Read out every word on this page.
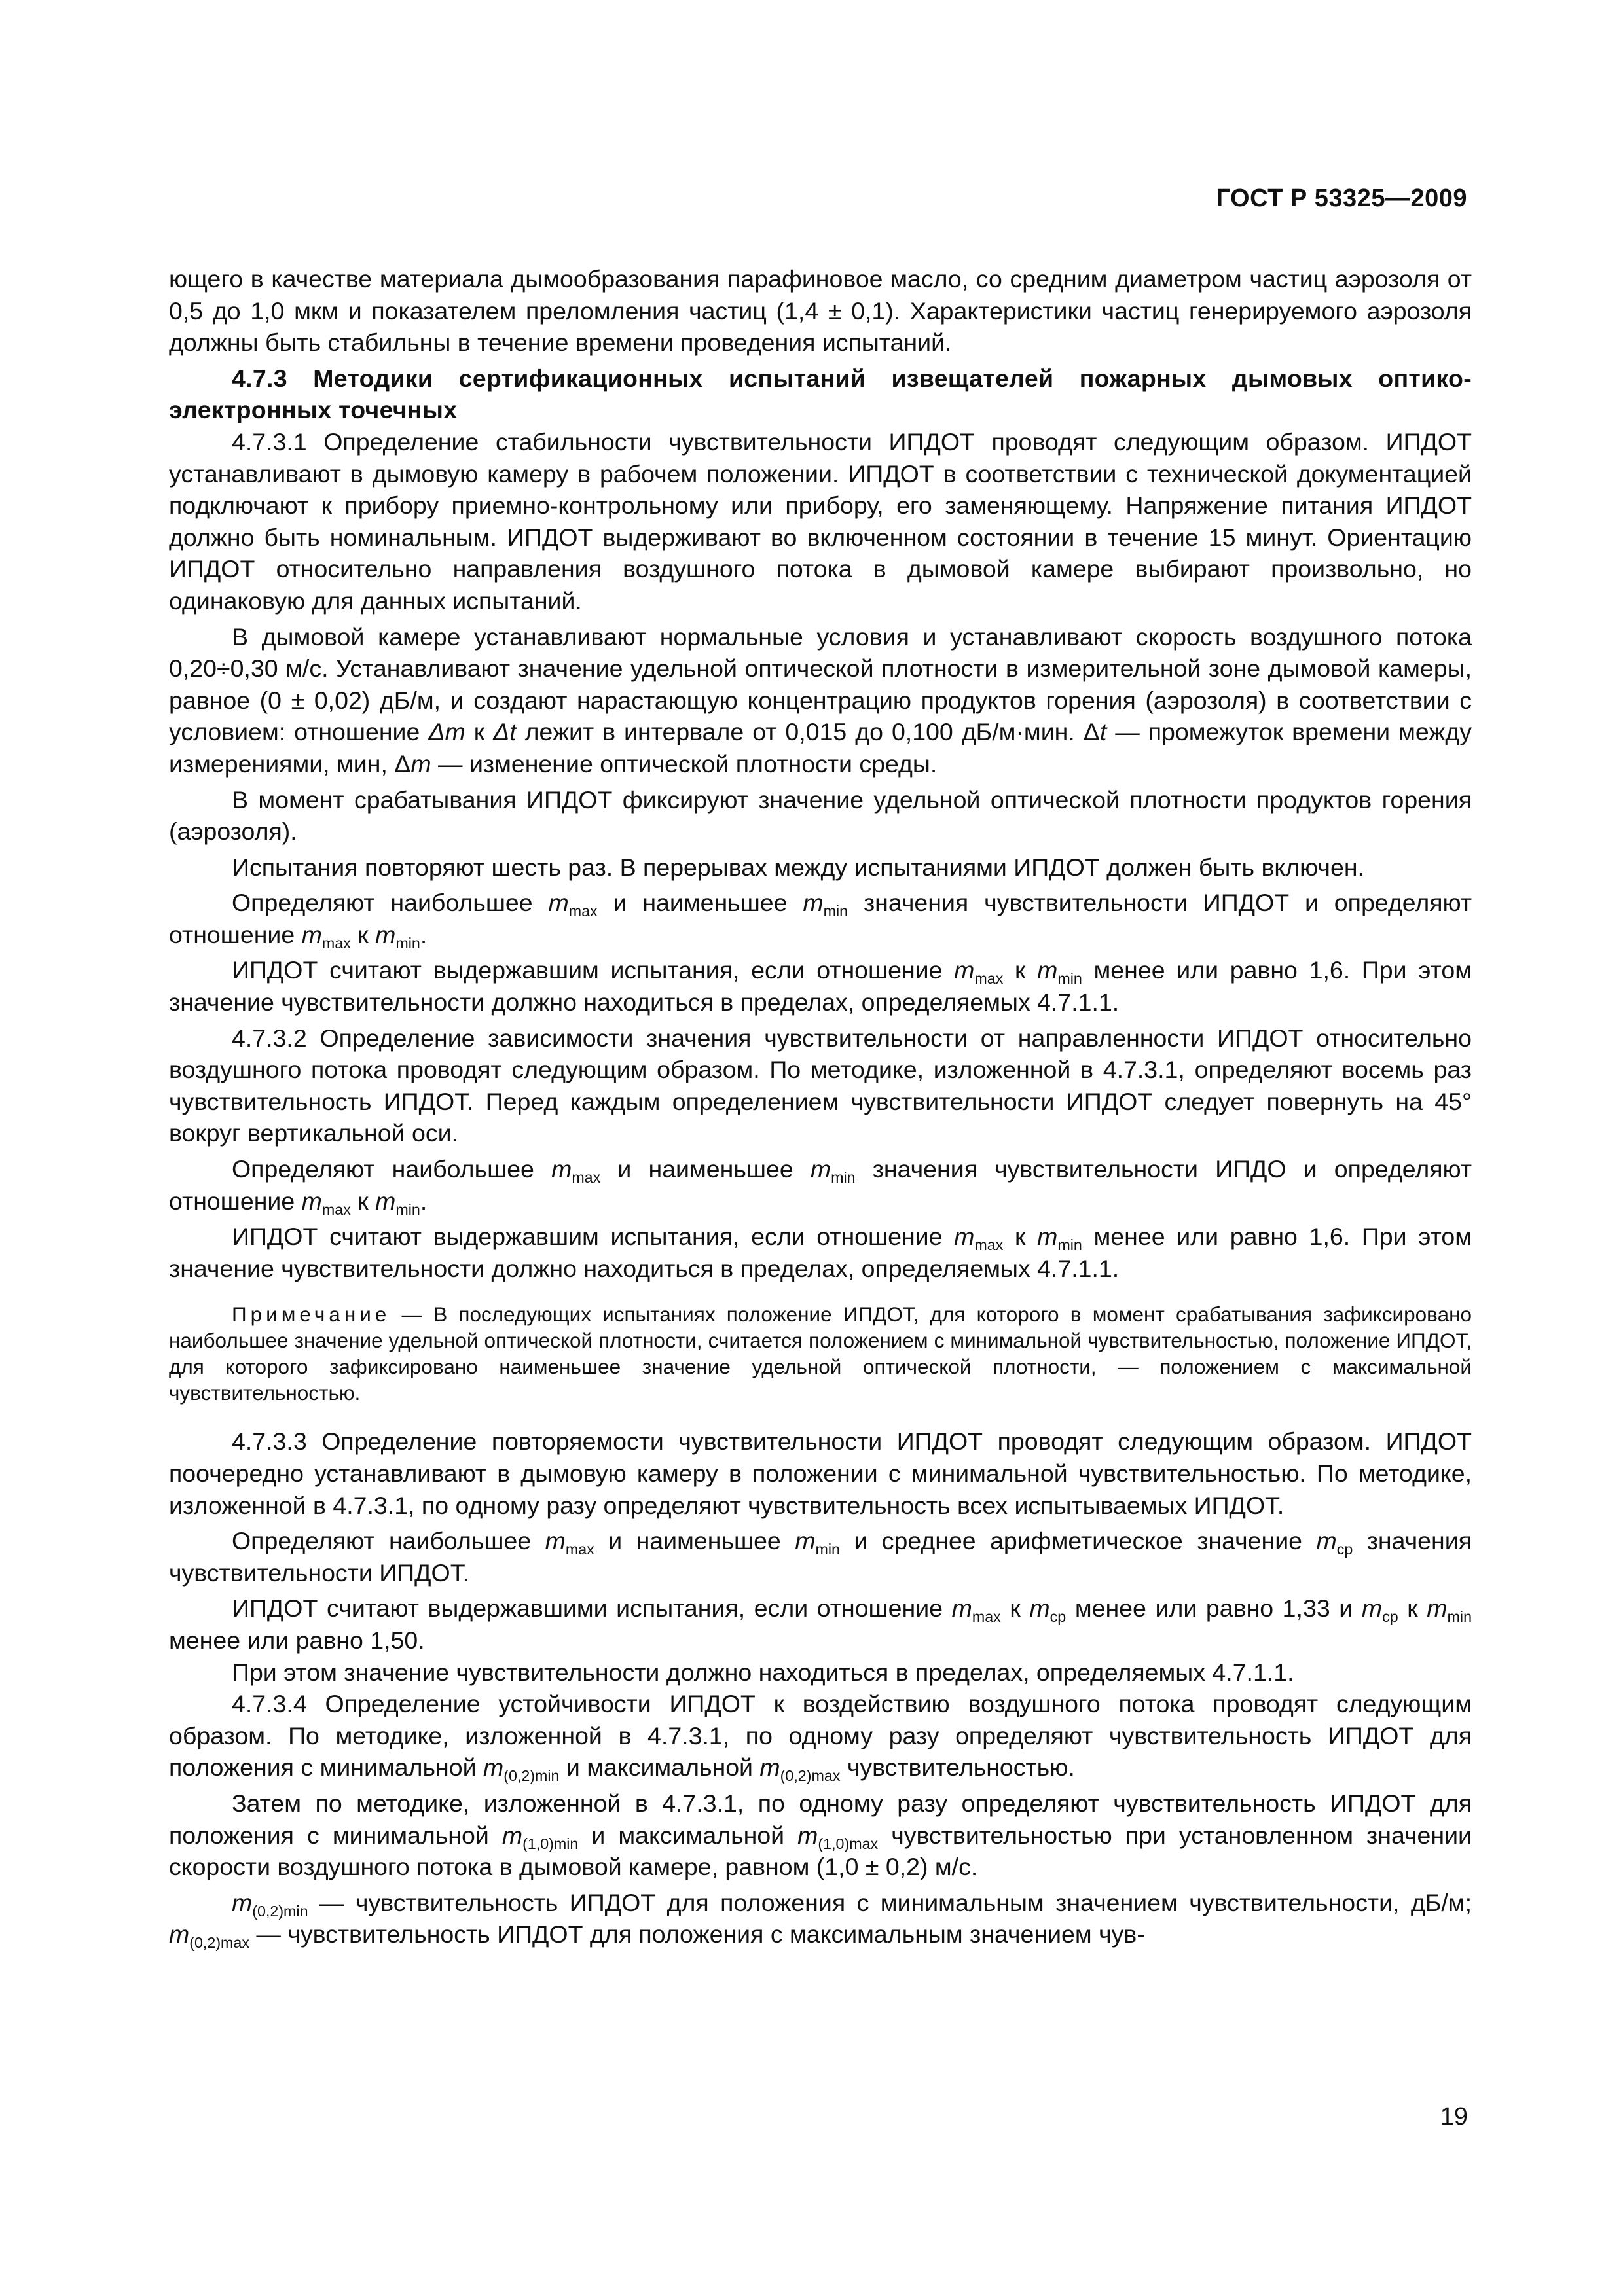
ГОСТ Р 53325—2009

ющего в качестве материала дымообразования парафиновое масло, со средним диаметром частиц аэрозоля от 0,5 до 1,0 мкм и показателем преломления частиц (1,4 ± 0,1). Характеристики частиц генерируемого аэрозоля должны быть стабильны в течение времени проведения испытаний.

4.7.3 Методики сертификационных испытаний извещателей пожарных дымовых оптико-электронных точечных

4.7.3.1 Определение стабильности чувствительности ИПДОТ проводят следующим образом. ИПДОТ устанавливают в дымовую камеру в рабочем положении. ИПДОТ в соответствии с технической документацией подключают к прибору приемно-контрольному или прибору, его заменяющему. Напряжение питания ИПДОТ должно быть номинальным. ИПДОТ выдерживают во включенном состоянии в течение 15 минут. Ориентацию ИПДОТ относительно направления воздушного потока в дымовой камере выбирают произвольно, но одинаковую для данных испытаний.

В дымовой камере устанавливают нормальные условия и устанавливают скорость воздушного потока 0,20÷0,30 м/с. Устанавливают значение удельной оптической плотности в измерительной зоне дымовой камеры, равное (0 ± 0,02) дБ/м, и создают нарастающую концентрацию продуктов горения (аэрозоля) в соответствии с условием: отношение Δm к Δt лежит в интервале от 0,015 до 0,100 дБ/м·мин. Δt — промежуток времени между измерениями, мин, Δm — изменение оптической плотности среды.

В момент срабатывания ИПДОТ фиксируют значение удельной оптической плотности продуктов горения (аэрозоля).

Испытания повторяют шесть раз. В перерывах между испытаниями ИПДОТ должен быть включен.

Определяют наибольшее $m_{max}$ и наименьшее $m_{min}$ значения чувствительности ИПДОТ и определяют отношение $m_{max}$ к $m_{min}$.

ИПДОТ считают выдержавшим испытания, если отношение $m_{max}$ к $m_{min}$ менее или равно 1,6. При этом значение чувствительности должно находиться в пределах, определяемых 4.7.1.1.

4.7.3.2 Определение зависимости значения чувствительности от направленности ИПДОТ относительно воздушного потока проводят следующим образом. По методике, изложенной в 4.7.3.1, определяют восемь раз чувствительность ИПДОТ. Перед каждым определением чувствительности ИПДОТ следует повернуть на 45° вокруг вертикальной оси.

Определяют наибольшее $m_{max}$ и наименьшее $m_{min}$ значения чувствительности ИПДО и определяют отношение $m_{max}$ к $m_{min}$.

ИПДОТ считают выдержавшим испытания, если отношение $m_{max}$ к $m_{min}$ менее или равно 1,6. При этом значение чувствительности должно находиться в пределах, определяемых 4.7.1.1.

Примечание — В последующих испытаниях положение ИПДОТ, для которого в момент срабатывания зафиксировано наибольшее значение удельной оптической плотности, считается положением с минимальной чувствительностью, положение ИПДОТ, для которого зафиксировано наименьшее значение удельной оптической плотности, — положением с максимальной чувствительностью.

4.7.3.3 Определение повторяемости чувствительности ИПДОТ проводят следующим образом. ИПДОТ поочередно устанавливают в дымовую камеру в положении с минимальной чувствительностью. По методике, изложенной в 4.7.3.1, по одному разу определяют чувствительность всех испытываемых ИПДОТ.

Определяют наибольшее $m_{max}$ и наименьшее $m_{min}$ и среднее арифметическое значение $m_{ср}$ значения чувствительности ИПДОТ.

ИПДОТ считают выдержавшими испытания, если отношение $m_{max}$ к $m_{ср}$ менее или равно 1,33 и $m_{ср}$ к $m_{min}$ менее или равно 1,50.

При этом значение чувствительности должно находиться в пределах, определяемых 4.7.1.1.

4.7.3.4 Определение устойчивости ИПДОТ к воздействию воздушного потока проводят следующим образом. По методике, изложенной в 4.7.3.1, по одному разу определяют чувствительность ИПДОТ для положения с минимальной $m_{(0,2)min}$ и максимальной $m_{(0,2)max}$ чувствительностью.

Затем по методике, изложенной в 4.7.3.1, по одному разу определяют чувствительность ИПДОТ для положения с минимальной $m_{(1,0)min}$ и максимальной $m_{(1,0)max}$ чувствительностью при установленном значении скорости воздушного потока в дымовой камере, равном (1,0 ± 0,2) м/с.

$m_{(0,2)min}$ — чувствительность ИПДОТ для положения с минимальным значением чувствительности, дБ/м; $m_{(0,2)max}$ — чувствительность ИПДОТ для положения с максимальным значением чув-

19
